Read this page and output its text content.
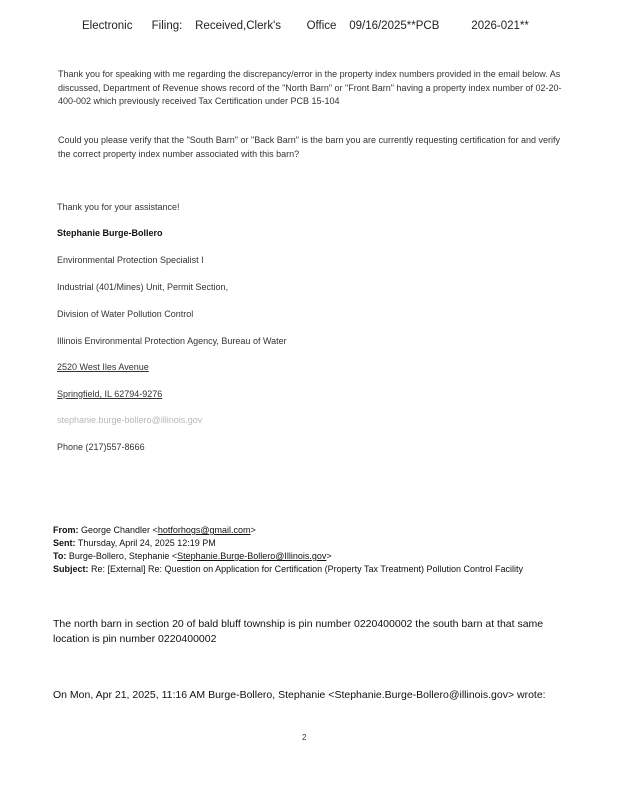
Electronic      Filing:    Received,Clerk's        Office    09/16/2025**PCB          2026-021**
Thank you for speaking with me regarding the discrepancy/error in the property index numbers provided in the email below. As discussed, Department of Revenue shows record of the "North Barn" or "Front Barn" having a property index number of 02-20-400-002 which previously received Tax Certification under PCB 15-104
Could you please verify that the "South Barn" or "Back Barn" is the barn you are currently requesting certification for and verify the correct property index number associated with this barn?
Thank you for your assistance!
Stephanie Burge-Bollero
Environmental Protection Specialist I
Industrial (401/Mines) Unit, Permit Section,
Division of Water Pollution Control
Illinois Environmental Protection Agency, Bureau of Water
2520 West Iles Avenue
Springfield, IL 62794-9276
stephanie.burge-bollero@illinois.gov
Phone (217)557-8666
From: George Chandler <hotforhogs@gmail.com>
Sent: Thursday, April 24, 2025 12:19 PM
To: Burge-Bollero, Stephanie <Stephanie.Burge-Bollero@Illinois.gov>
Subject: Re: [External] Re: Question on Application for Certification (Property Tax Treatment) Pollution Control Facility
The north barn in section 20 of bald bluff township is pin number 0220400002 the south barn at that same location is pin number 0220400002
On Mon, Apr 21, 2025, 11:16 AM Burge-Bollero, Stephanie <Stephanie.Burge-Bollero@illinois.gov> wrote:
2
